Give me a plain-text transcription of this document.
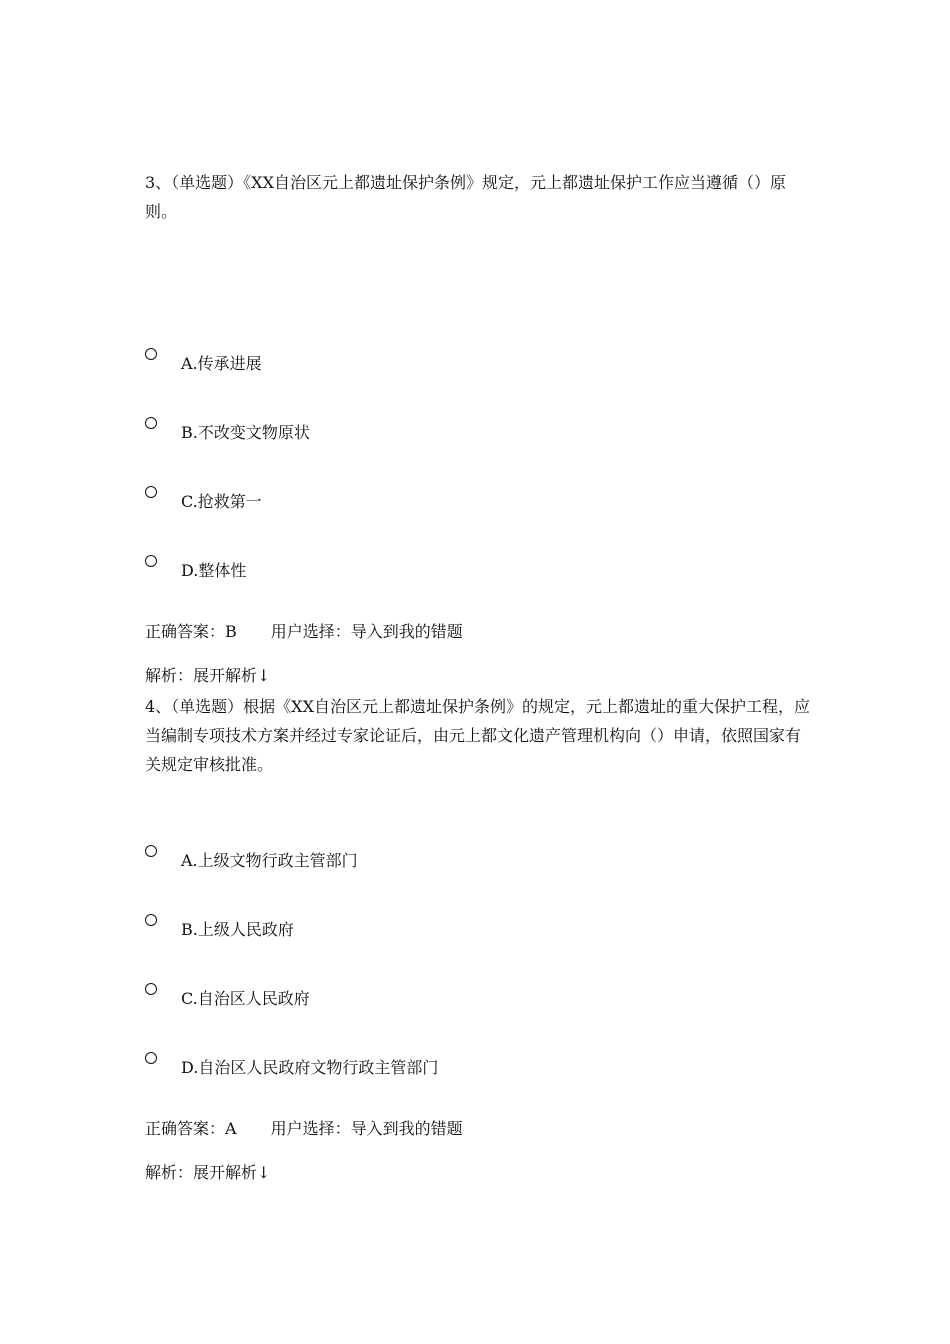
3、（单选题）《XX自治区元上都遗址保护条例》规定，元上都遗址保护工作应当遵循（）原则。

A.传承进展
B.不改变文物原状
C.抢救第一
D.整体性
正确答案：B 用户选择：导入到我的错题
解析：展开解析↓

4、（单选题）根据《XX自治区元上都遗址保护条例》的规定，元上都遗址的重大保护工程，应当编制专项技术方案并经过专家论证后，由元上都文化遗产管理机构向（）申请，依照国家有关规定审核批准。

A.上级文物行政主管部门
B.上级人民政府
C.自治区人民政府
D.自治区人民政府文物行政主管部门
正确答案：A 用户选择：导入到我的错题
解析：展开解析↓
